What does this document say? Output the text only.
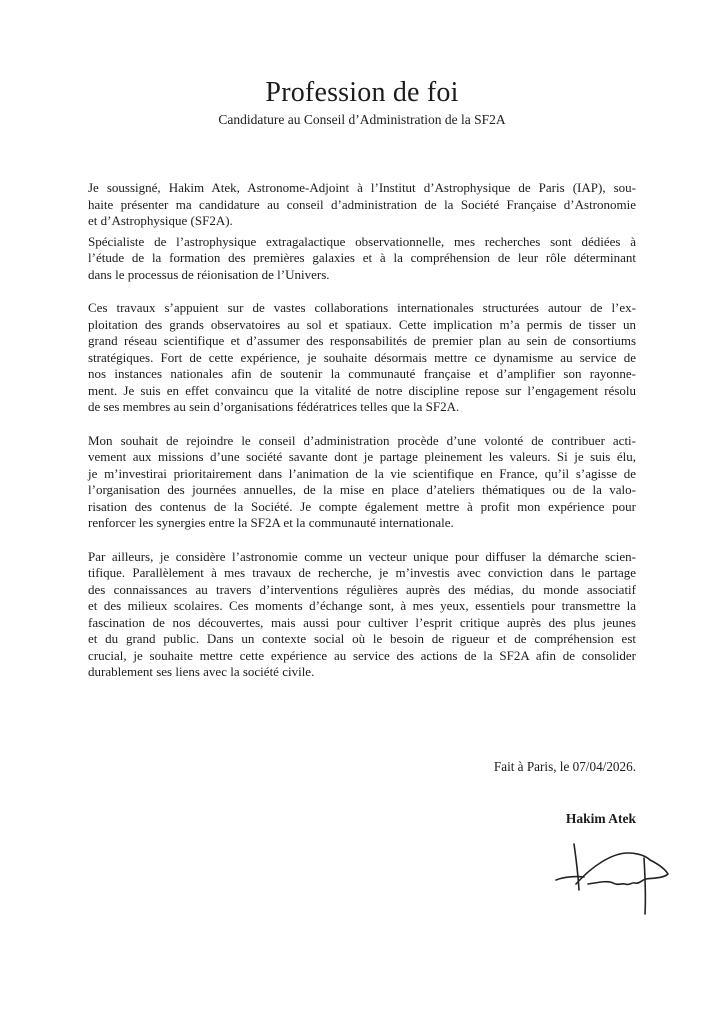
Profession de foi
Candidature au Conseil d’Administration de la SF2A
Je soussigné, Hakim Atek, Astronome-Adjoint à l’Institut d’Astrophysique de Paris (IAP), sou-
haite présenter ma candidature au conseil d’administration de la Société Française d’Astronomie
et d’Astrophysique (SF2A).
Spécialiste de l’astrophysique extragalactique observationnelle, mes recherches sont dédiées à
l’étude de la formation des premières galaxies et à la compréhension de leur rôle déterminant
dans le processus de réionisation de l’Univers.
Ces travaux s’appuient sur de vastes collaborations internationales structurées autour de l’ex-
ploitation des grands observatoires au sol et spatiaux. Cette implication m’a permis de tisser un
grand réseau scientifique et d’assumer des responsabilités de premier plan au sein de consortiums
stratégiques. Fort de cette expérience, je souhaite désormais mettre ce dynamisme au service de
nos instances nationales afin de soutenir la communauté française et d’amplifier son rayonne-
ment. Je suis en effet convaincu que la vitalité de notre discipline repose sur l’engagement résolu
de ses membres au sein d’organisations fédératrices telles que la SF2A.
Mon souhait de rejoindre le conseil d’administration procède d’une volonté de contribuer acti-
vement aux missions d’une société savante dont je partage pleinement les valeurs. Si je suis élu,
je m’investirai prioritairement dans l’animation de la vie scientifique en France, qu’il s’agisse de
l’organisation des journées annuelles, de la mise en place d’ateliers thématiques ou de la valo-
risation des contenus de la Société. Je compte également mettre à profit mon expérience pour
renforcer les synergies entre la SF2A et la communauté internationale.
Par ailleurs, je considère l’astronomie comme un vecteur unique pour diffuser la démarche scien-
tifique. Parallèlement à mes travaux de recherche, je m’investis avec conviction dans le partage
des connaissances au travers d’interventions régulières auprès des médias, du monde associatif
et des milieux scolaires. Ces moments d’échange sont, à mes yeux, essentiels pour transmettre la
fascination de nos découvertes, mais aussi pour cultiver l’esprit critique auprès des plus jeunes
et du grand public. Dans un contexte social où le besoin de rigueur et de compréhension est
crucial, je souhaite mettre cette expérience au service des actions de la SF2A afin de consolider
durablement ses liens avec la société civile.
Fait à Paris, le 07/04/2026.
Hakim Atek
